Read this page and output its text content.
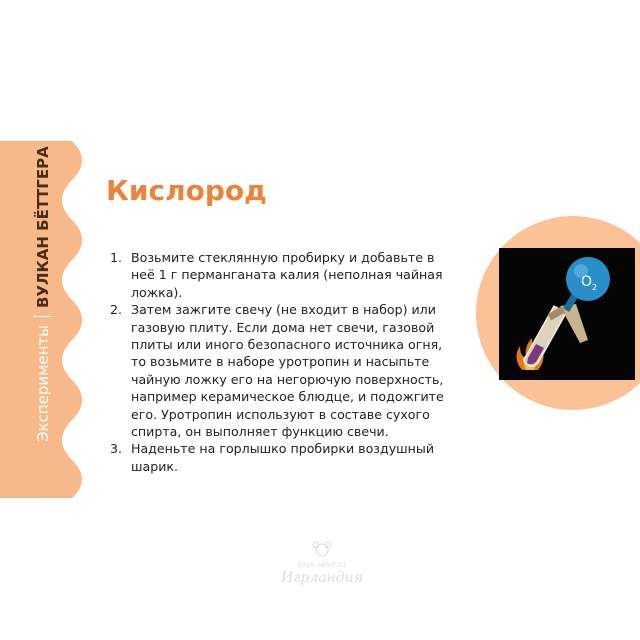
ЭкспериментыВУЛКАН БЁТТГЕРА Кислород
1. Возьмите стеклянную пробирку и добавьте в неё 1 г перманганата калия (неполная чайная ложка).
2. Затем зажгите свечу (не входит в набор) или газовую плиту. Если дома нет свечи, газовой плиты или иного безопасного источника огня, то возьмите в наборе уротропин и насыпьте чайную ложку его на негорючую поверхность, например керамическое блюдце, и подожгите его. Уротропин используют в составе сухого спирта, он выполняет функцию свечи.
3. Наденьте на горлышко пробирки воздушный шарик.
O 2
toys-land.ru
Игрландия
